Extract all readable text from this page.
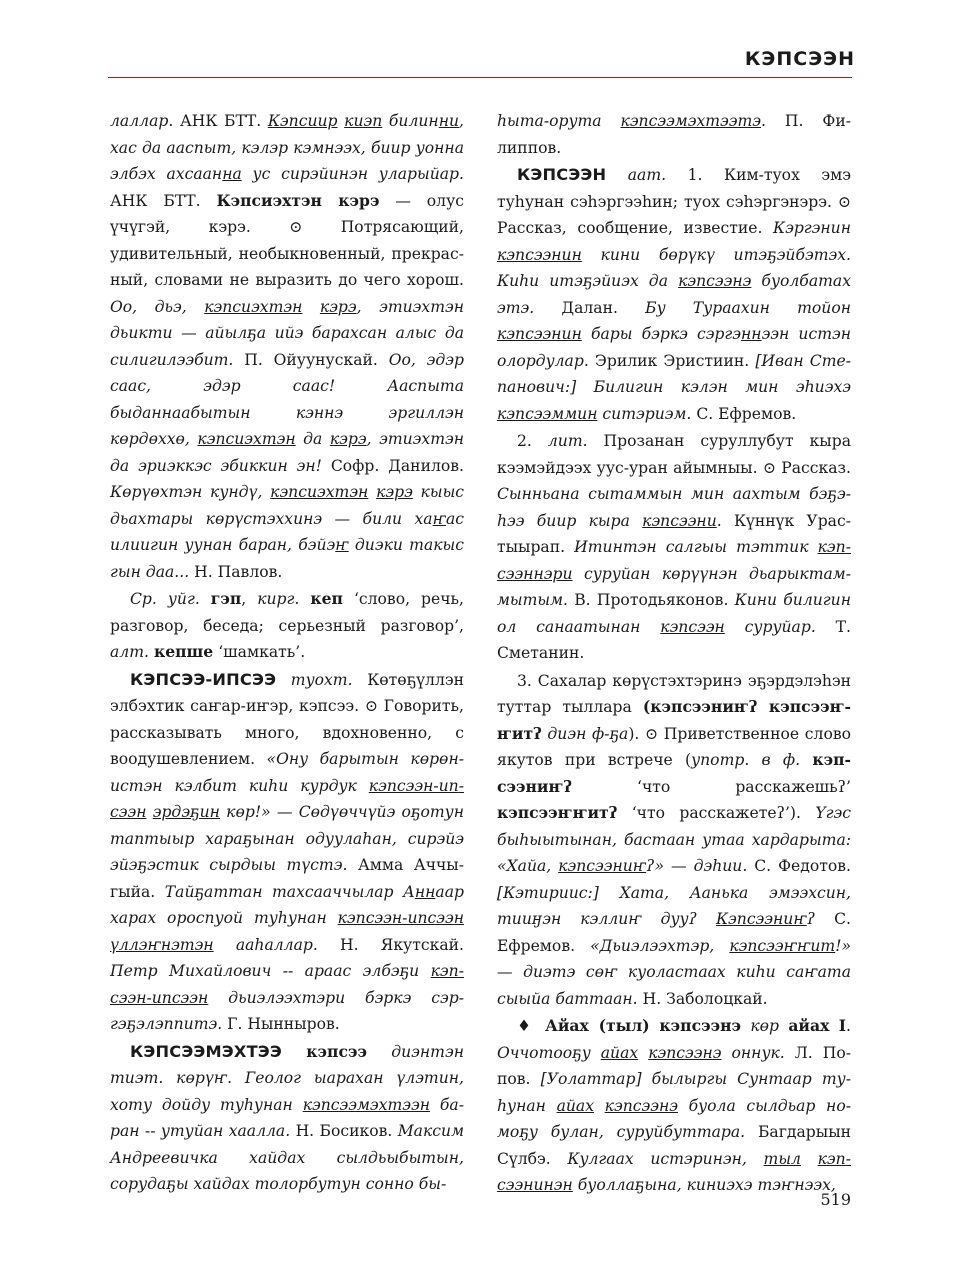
КЭПСЭЭН

лаллар. АНК БТТ. Кэпсиир киэп билинни, хас да ааспыт, кэлэр кэмнээх, биир уонна элбэх ахсаанна ус сирэйинэн уларыйар. АНК БТТ. Кэпсиэхтэн кэрэ — олус үчүгэй, кэрэ. ⊙ Потрясающий, удивительный, необыкновенный, прекрасный, словами не выразить до чего хорош. Оо, дьэ, кэпсиэхтэн кэрэ, этиэхтэн дьикти — айылҕа ийэ барахсан алыс да силигилээбит. П. Ойуунускай. Оо, эдэр саас, эдэр саас! Ааспыта быданнаабытын кэннэ эргиллэн көрдөххө, кэпсиэхтэн да кэрэ, этиэхтэн да эриэккэс эбиккин эн! Софр. Данилов. Көрүөхтэн кундү, кэпсиэхтэн кэрэ кыыс дьахтары көрүстэххинэ — били хаҥас илиигин уунан баран, бэйэҥ диэки такыс гын даа... Н. Павлов.

Ср. уйг. гэп, кирг. кеп ‘слово, речь, разговор, беседа; серьезный разговор’, алт. кепше ‘шамкать’.

КЭПСЭЭ-ИПСЭЭ туохт. Көтөҕүллэн элбэхтик саҥар-иҥэр, кэпсээ. ⊙ Говорить, рассказывать много, вдохновенно, с воодушевлением. «Ону барытын көрөнистэн кэлбит киһи курдук кэпсээн-ипсээн эрдэҕин көр!» — Сөдүөччүйэ оҕотун таптыыр хараҕынан одуулаһан, сирэйэ эйэҕэстик сырдыы түстэ. Амма Аччыгыйа. Тайҕаттан тахсааччылар Аннаар харах ороспуой туһунан кэпсээн-ипсээн үллэҥнэтэн ааһаллар. Н. Якутскай. Петр Михайлович -- араас элбэҕи кэпсээн-ипсээн дьиэлээхтэри бэркэ сэргэҕэлэппитэ. Г. Нынныров.

КЭПСЭЭМЭХТЭЭ кэпсээ диэнтэн тиэт. көрүҥ. Геолог ыарахан үлэтин, хоту дойду туһунан кэпсээмэхтээн баран -- утуйан хаалла. Н. Босиков. Максим Андреевичка хайдах сылдьыбытын, сорудаҕы хайдах толорбутун сонно бы-

һыта-орута кэпсээмэхтээтэ. П. Филиппов.

КЭПСЭЭН аат. 1. Ким-туох эмэ туһунан сэһэргээһин; туох сэһэргэнэрэ. ⊙ Рассказ, сообщение, известие. Кэргэнин кэпсээнин кини бөрүкү итэҕэйбэтэх. Киһи итэҕэйиэх да кэпсээнэ буолбатах этэ. Далан. Бу Тураахин тойон кэпсээнин бары бэркэ сэргэннээн истэн олордулар. Эрилик Эристиин. [Иван Степанович:] Билигин кэлэн мин эһиэхэ кэпсээммин ситэриэм. С. Ефремов.

2. лит. Прозанан суруллубут кыра кээмэйдээх уус-уран айымныы. ⊙ Рассказ. Сынньана сытаммын мин аахтым бэҕэһээ биир кыра кэпсээни. Күннүк Урастыырап. Итинтэн салгыы тэттик кэпсээннэри суруйан көрүүнэн дьарыктаммытым. В. Протодьяконов. Кини билигин ол санаатынан кэпсээн суруйар. Т. Сметанин.

3. Сахалар көрүстэхтэринэ эҕэрдэлэһэн туттар тыллара (кэпсээниҥʔ кэпсээҥҥитʔ диэн ф-ҕа). ⊙ Приветственное слово якутов при встрече (употр. в ф. кэпсээниҥʔ ‘что расскажешьʔ’ кэпсээҥҥитʔ ‘что расскажетеʔ’). Үгэс быһыытынан, бастаан утаа хардарыта: «Хайа, кэпсээниҥʔ» — дэһии. С. Федотов. [Кэтириис:] Хата, Аанька эмээхсин, тииӈэн кэллиҥ дууʔ Кэпсээниҥʔ С. Ефремов. «Дьиэлээхтэр, кэпсээҥҥит!» — диэтэ сөҥ куоластаах киһи саҥата сыыйа баттаан. Н. Заболоцкай.

♦ Айах (тыл) кэпсээнэ көр айах I. Оччотооҕу айах кэпсээнэ оннук. Л. Попов. [Уолаттар] былыргы Сунтаар туһунан айах кэпсээнэ буола сылдьар номоҕу булан, суруйбуттара. Багдарыын Сүлбэ. Кулгаах истэринэн, тыл кэпсээнинэн буоллаҕына, киниэхэ тэҥнээх,

519
